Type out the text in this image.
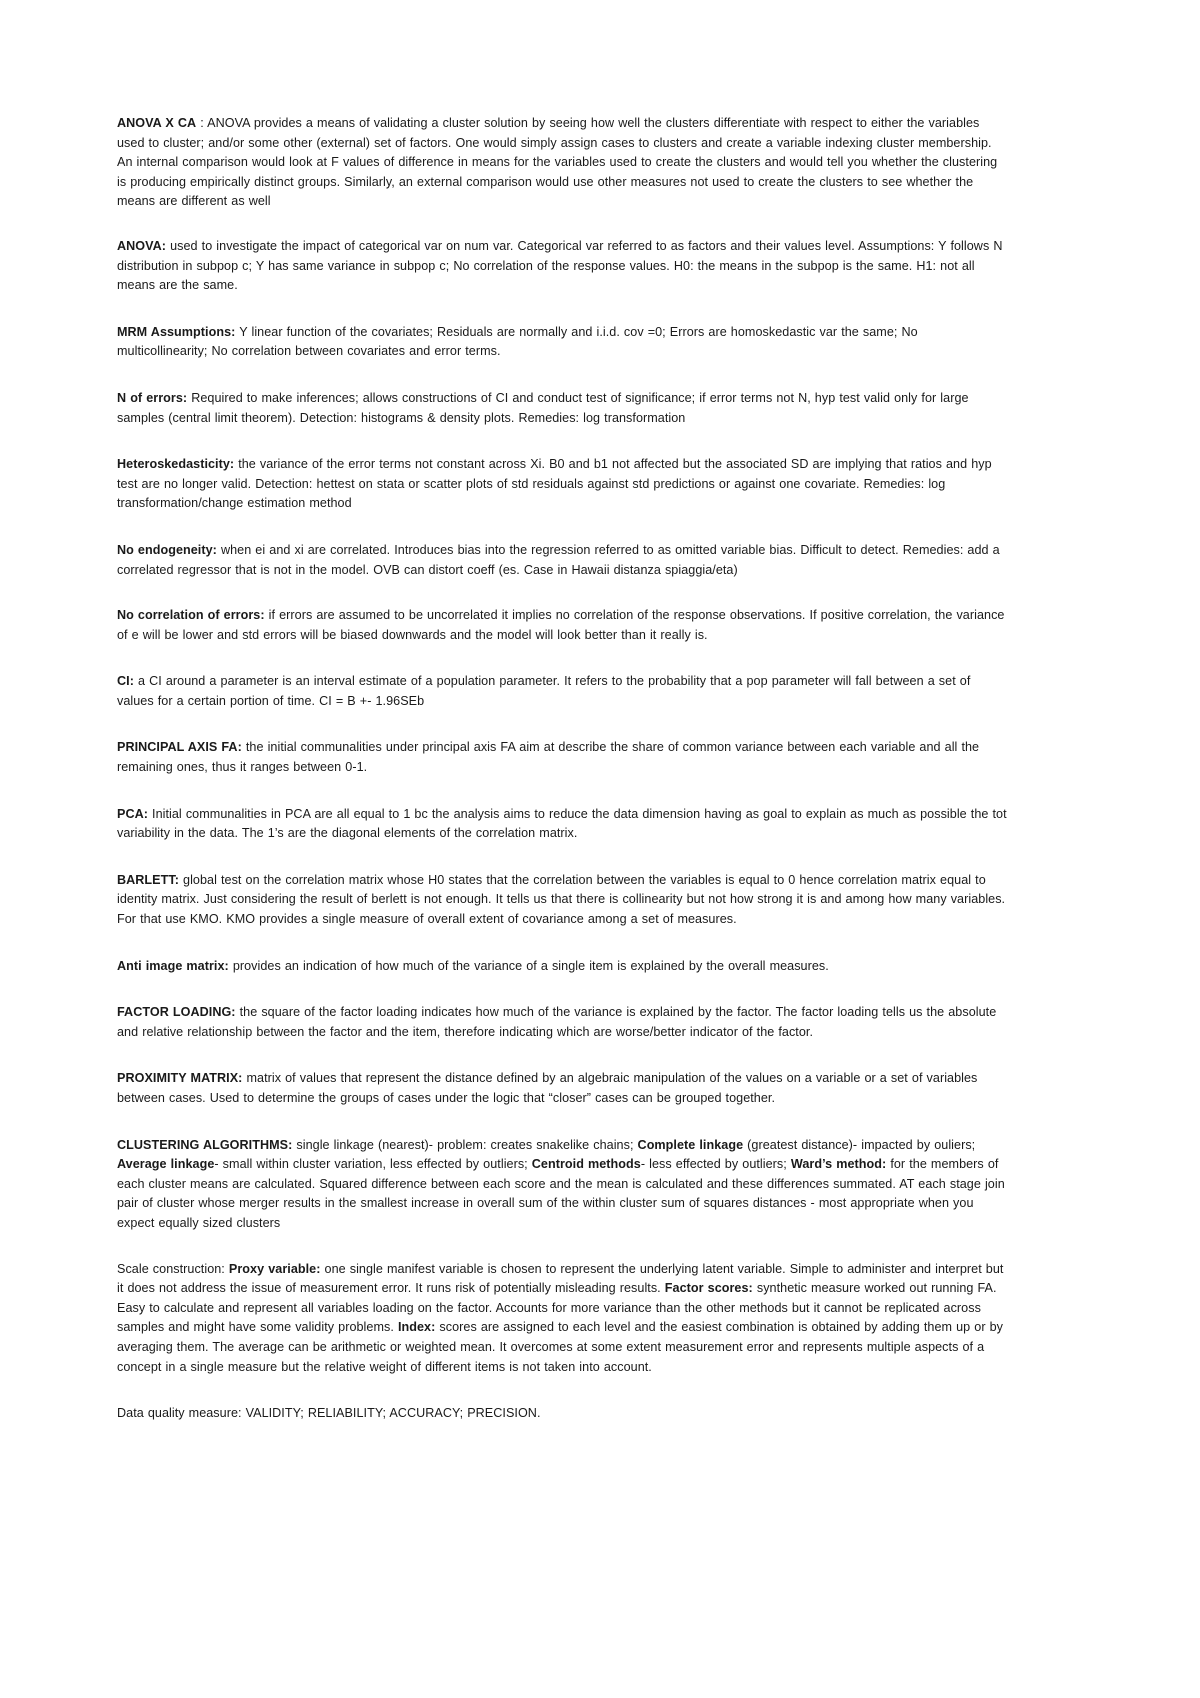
ANOVA X CA : ANOVA provides a means of validating a cluster solution by seeing how well the clusters differentiate with respect to either the variables used to cluster; and/or some other (external) set of factors. One would simply assign cases to clusters and create a variable indexing cluster membership. An internal comparison would look at F values of difference in means for the variables used to create the clusters and would tell you whether the clustering is producing empirically distinct groups. Similarly, an external comparison would use other measures not used to create the clusters to see whether the means are different as well

ANOVA: used to investigate the impact of categorical var on num var. Categorical var referred to as factors and their values level. Assumptions: Y follows N distribution in subpop c; Y has same variance in subpop c; No correlation of the response values. H0: the means in the subpop is the same. H1: not all means are the same.

MRM Assumptions: Y linear function of the covariates; Residuals are normally and i.i.d. cov =0; Errors are homoskedastic var the same; No multicollinearity; No correlation between covariates and error terms.

N of errors: Required to make inferences; allows constructions of CI and conduct test of significance; if error terms not N, hyp test valid only for large samples (central limit theorem). Detection: histograms & density plots. Remedies: log transformation

Heteroskedasticity: the variance of the error terms not constant across Xi. B0 and b1 not affected but the associated SD are implying that ratios and hyp test are no longer valid. Detection: hettest on stata or scatter plots of std residuals against std predictions or against one covariate. Remedies: log transformation/change estimation method

No endogeneity: when ei and xi are correlated. Introduces bias into the regression referred to as omitted variable bias. Difficult to detect. Remedies: add a correlated regressor that is not in the model. OVB can distort coeff (es. Case in Hawaii distanza spiaggia/eta)

No correlation of errors: if errors are assumed to be uncorrelated it implies no correlation of the response observations. If positive correlation, the variance of e will be lower and std errors will be biased downwards and the model will look better than it really is.

CI: a CI around a parameter is an interval estimate of a population parameter. It refers to the probability that a pop parameter will fall between a set of values for a certain portion of time. CI = B +- 1.96SEb

PRINCIPAL AXIS FA: the initial communalities under principal axis FA aim at describe the share of common variance between each variable and all the remaining ones, thus it ranges between 0-1.

PCA: Initial communalities in PCA are all equal to 1 bc the analysis aims to reduce the data dimension having as goal to explain as much as possible the tot variability in the data. The 1’s are the diagonal elements of the correlation matrix.

BARLETT: global test on the correlation matrix whose H0 states that the correlation between the variables is equal to 0 hence correlation matrix equal to identity matrix. Just considering the result of berlett is not enough. It tells us that there is collinearity but not how strong it is and among how many variables. For that use KMO. KMO provides a single measure of overall extent of covariance among a set of measures.

Anti image matrix: provides an indication of how much of the variance of a single item is explained by the overall measures.

FACTOR LOADING: the square of the factor loading indicates how much of the variance is explained by the factor. The factor loading tells us the absolute and relative relationship between the factor and the item, therefore indicating which are worse/better indicator of the factor.

PROXIMITY MATRIX: matrix of values that represent the distance defined by an algebraic manipulation of the values on a variable or a set of variables between cases. Used to determine the groups of cases under the logic that “closer” cases can be grouped together.

CLUSTERING ALGORITHMS: single linkage (nearest)- problem: creates snakelike chains; Complete linkage (greatest distance)- impacted by ouliers; Average linkage- small within cluster variation, less effected by outliers; Centroid methods- less effected by outliers; Ward’s method: for the members of each cluster means are calculated. Squared difference between each score and the mean is calculated and these differences summated. AT each stage join pair of cluster whose merger results in the smallest increase in overall sum of the within cluster sum of squares distances - most appropriate when you expect equally sized clusters

Scale construction: Proxy variable: one single manifest variable is chosen to represent the underlying latent variable. Simple to administer and interpret but it does not address the issue of measurement error. It runs risk of potentially misleading results. Factor scores: synthetic measure worked out running FA. Easy to calculate and represent all variables loading on the factor. Accounts for more variance than the other methods but it cannot be replicated across samples and might have some validity problems. Index: scores are assigned to each level and the easiest combination is obtained by adding them up or by averaging them. The average can be arithmetic or weighted mean. It overcomes at some extent measurement error and represents multiple aspects of a concept in a single measure but the relative weight of different items is not taken into account.

Data quality measure: VALIDITY; RELIABILITY; ACCURACY; PRECISION.
